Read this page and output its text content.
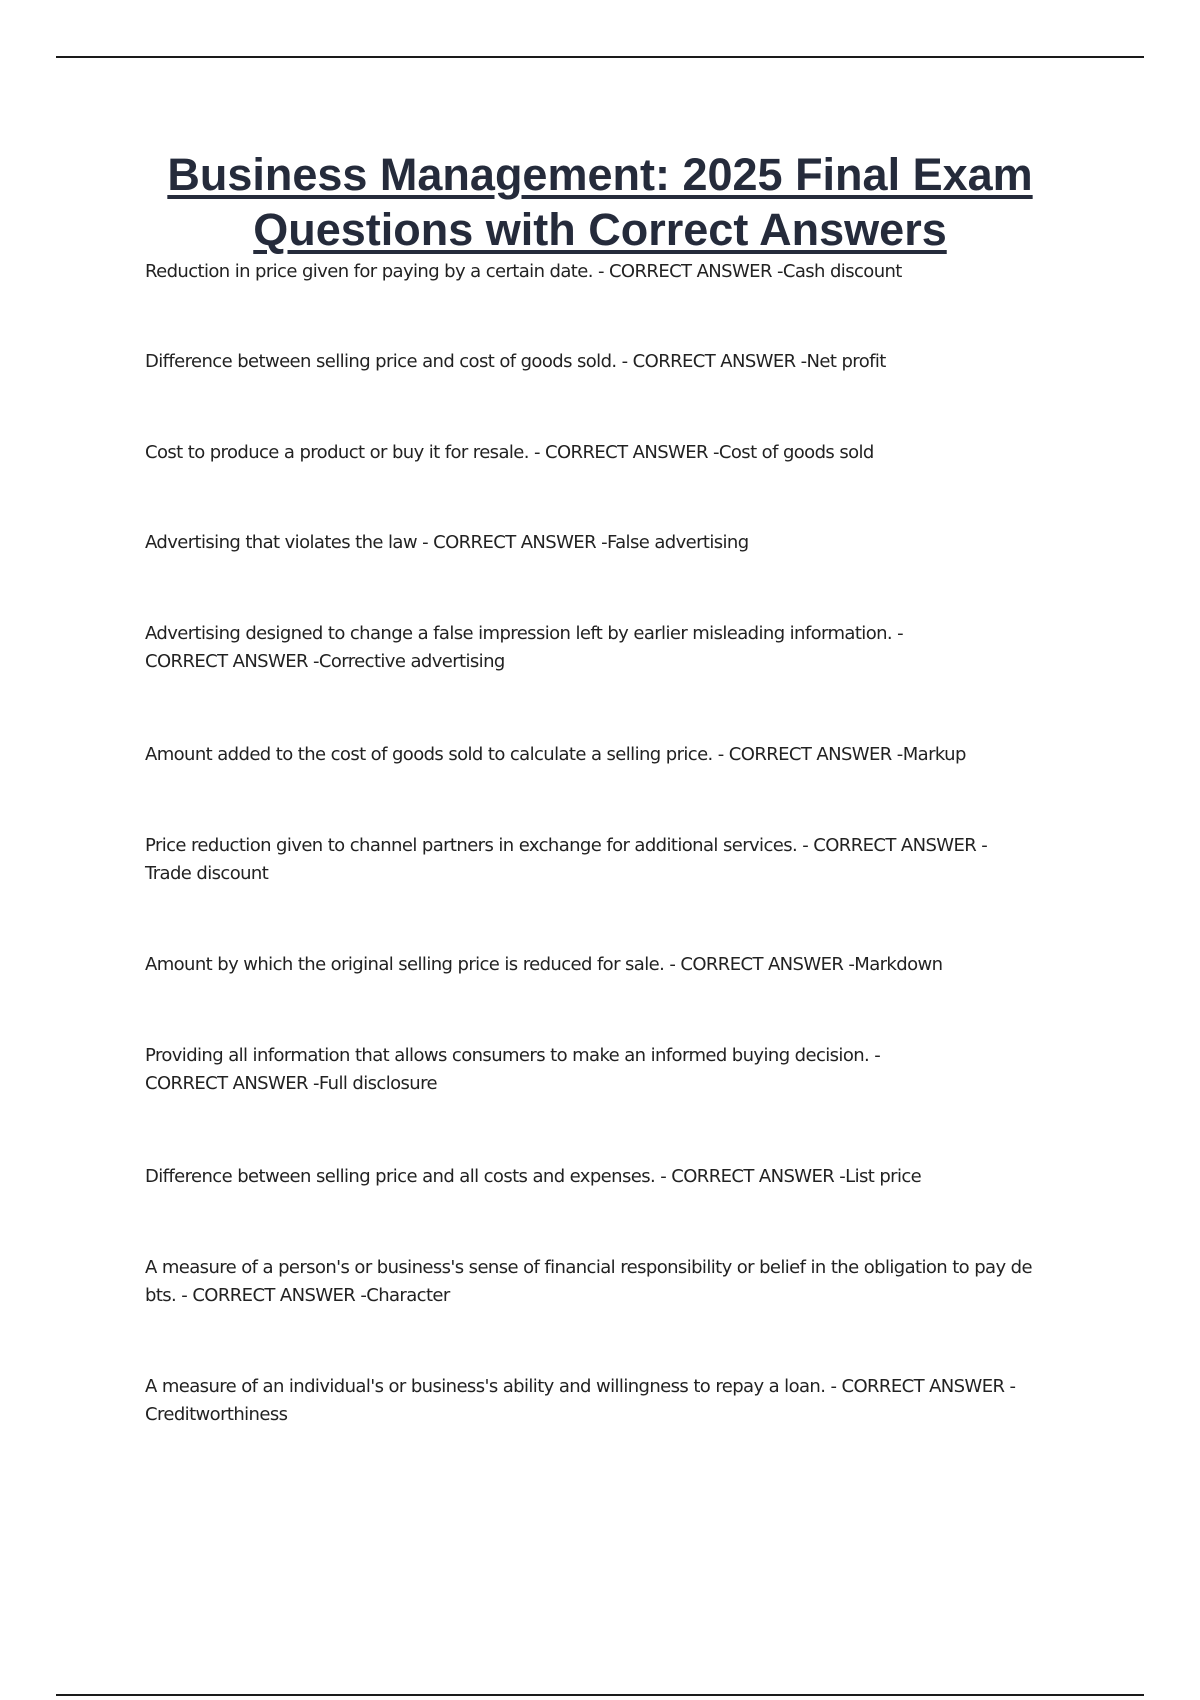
Business Management: 2025 Final Exam
Questions with Correct Answers
Reduction in price given for paying by a certain date. - CORRECT ANSWER -Cash discount
Difference between selling price and cost of goods sold. - CORRECT ANSWER -Net profit
Cost to produce a product or buy it for resale. - CORRECT ANSWER -Cost of goods sold
Advertising that violates the law - CORRECT ANSWER -False advertising
Advertising designed to change a false impression left by earlier misleading information. -
CORRECT ANSWER -Corrective advertising
Amount added to the cost of goods sold to calculate a selling price. - CORRECT ANSWER -Markup
Price reduction given to channel partners in exchange for additional services. - CORRECT ANSWER -
Trade discount
Amount by which the original selling price is reduced for sale. - CORRECT ANSWER -Markdown
Providing all information that allows consumers to make an informed buying decision. -
CORRECT ANSWER -Full disclosure
Difference between selling price and all costs and expenses. - CORRECT ANSWER -List price
A measure of a person's or business's sense of financial responsibility or belief in the obligation to pay de
bts. - CORRECT ANSWER -Character
A measure of an individual's or business's ability and willingness to repay a loan. - CORRECT ANSWER -
Creditworthiness
